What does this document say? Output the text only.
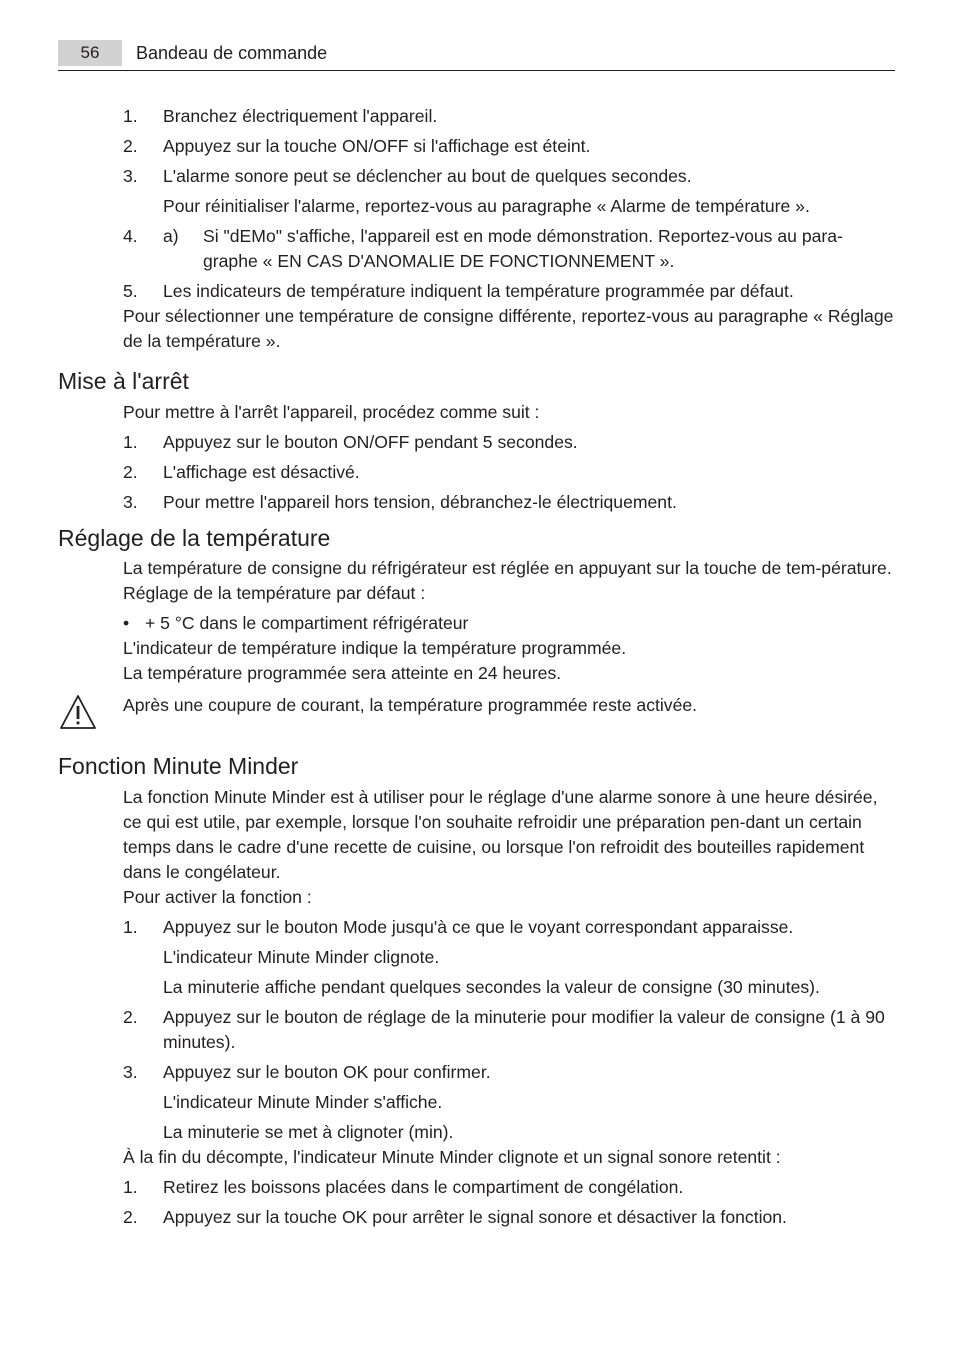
56	Bandeau de commande
1.	Branchez électriquement l'appareil.
2.	Appuyez sur la touche ON/OFF si l'affichage est éteint.
3.	L'alarme sonore peut se déclencher au bout de quelques secondes.

Pour réinitialiser l'alarme, reportez-vous au paragraphe « Alarme de température ».

4.	a)	Si "dEMo" s'affiche, l'appareil est en mode démonstration. Reportez-vous au para-graphe « EN CAS D'ANOMALIE DE FONCTIONNEMENT ».
5.	Les indicateurs de température indiquent la température programmée par défaut.

Pour sélectionner une température de consigne différente, reportez-vous au paragraphe « Réglage de la température ».

Mise à l'arrêt

Pour mettre à l'arrêt l'appareil, procédez comme suit :

1.	Appuyez sur le bouton ON/OFF pendant 5 secondes.
2.	L'affichage est désactivé.
3.	Pour mettre l'appareil hors tension, débranchez-le électriquement.
Réglage de la température

La température de consigne du réfrigérateur est réglée en appuyant sur la touche de tem-pérature.

Réglage de la température par défaut :

• + 5 °C dans le compartiment réfrigérateur

L'indicateur de température indique la température programmée.

La température programmée sera atteinte en 24 heures.

Après une coupure de courant, la température programmée reste activée.

Fonction Minute Minder

La fonction Minute Minder est à utiliser pour le réglage d'une alarme sonore à une heure désirée, ce qui est utile, par exemple, lorsque l'on souhaite refroidir une préparation pen-dant un certain temps dans le cadre d'une recette de cuisine, ou lorsque l'on refroidit des bouteilles rapidement dans le congélateur.

Pour activer la fonction :

1.	Appuyez sur le bouton Mode jusqu'à ce que le voyant correspondant apparaisse.

L'indicateur Minute Minder clignote.

La minuterie affiche pendant quelques secondes la valeur de consigne (30 minutes).

2.	Appuyez sur le bouton de réglage de la minuterie pour modifier la valeur de consigne (1 à 90 minutes).
3.	Appuyez sur le bouton OK pour confirmer.

L'indicateur Minute Minder s'affiche.

La minuterie se met à clignoter (min).

À la fin du décompte, l'indicateur Minute Minder clignote et un signal sonore retentit :

1.	Retirez les boissons placées dans le compartiment de congélation.
2.	Appuyez sur la touche OK pour arrêter le signal sonore et désactiver la fonction.
